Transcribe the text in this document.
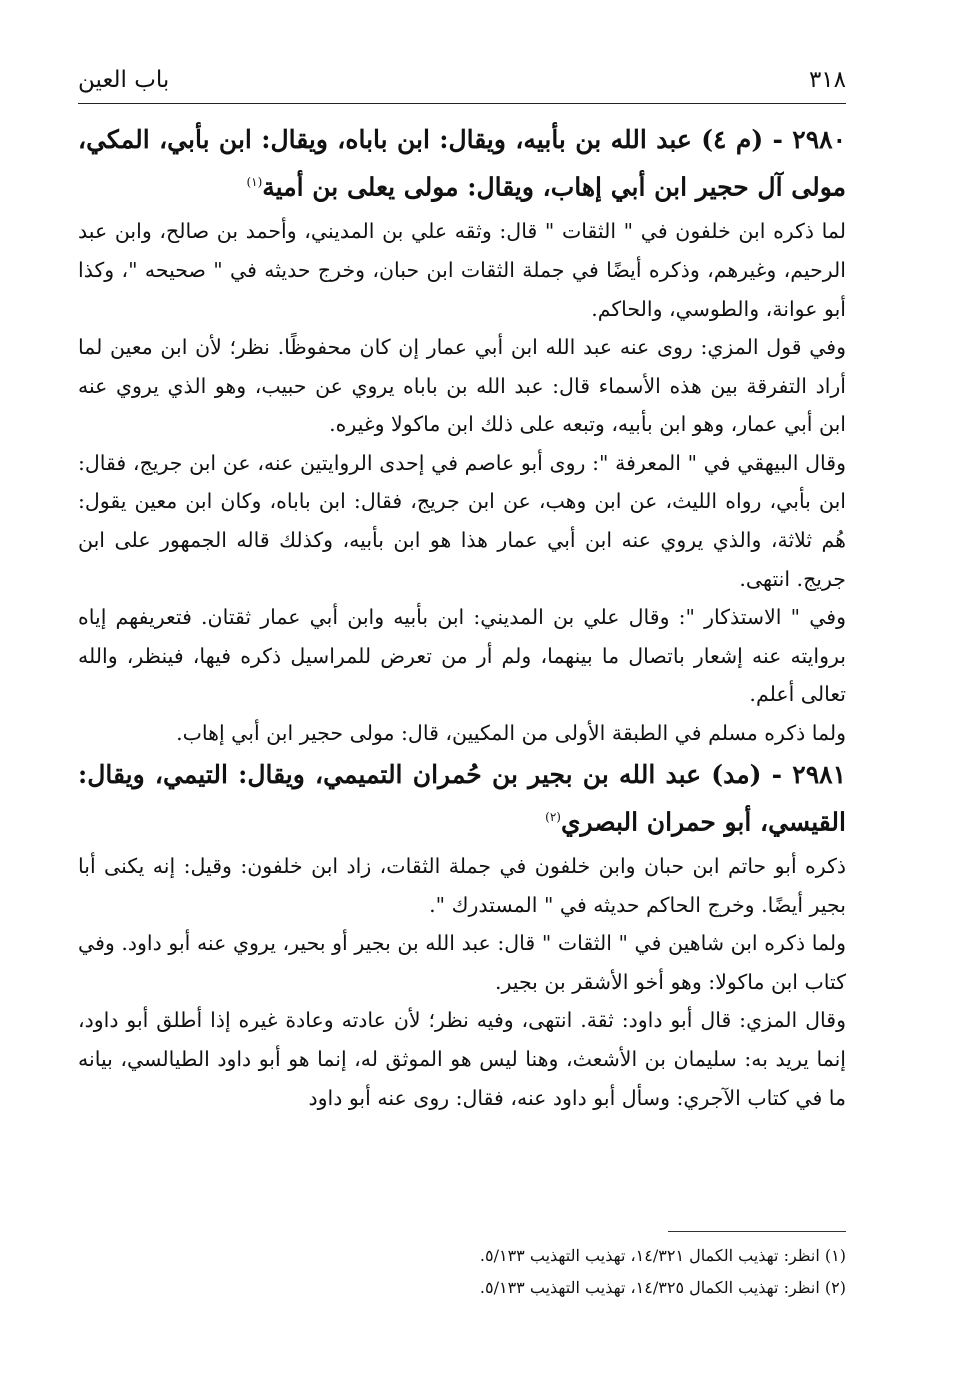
٣١٨
باب العين

٢٩٨٠ - (م ٤) عبد الله بن بأبيه، ويقال: ابن باباه، ويقال: ابن بأبي، المكي، مولى آل حجير ابن أبي إهاب، ويقال: مولى يعلى بن أمية$^{(١)}$

لما ذكره ابن خلفون في " الثقات " قال: وثقه علي بن المديني، وأحمد بن صالح، وابن عبد الرحيم، وغيرهم، وذكره أيضًا في جملة الثقات ابن حبان، وخرج حديثه في " صحيحه "، وكذا أبو عوانة، والطوسي، والحاكم.

وفي قول المزي: روى عنه عبد الله ابن أبي عمار إن كان محفوظًا. نظر؛ لأن ابن معين لما أراد التفرقة بين هذه الأسماء قال: عبد الله بن باباه يروي عن حبيب، وهو الذي يروي عنه ابن أبي عمار، وهو ابن بأبيه، وتبعه على ذلك ابن ماكولا وغيره.

وقال البيهقي في " المعرفة ": روى أبو عاصم في إحدى الروايتين عنه، عن ابن جريج، فقال: ابن بأبي، رواه الليث، عن ابن وهب، عن ابن جريج، فقال: ابن باباه، وكان ابن معين يقول: هُم ثلاثة، والذي يروي عنه ابن أبي عمار هذا هو ابن بأبيه، وكذلك قاله الجمهور على ابن جريج. انتهى.

وفي " الاستذكار ": وقال علي بن المديني: ابن بأبيه وابن أبي عمار ثقتان. فتعريفهم إياه بروايته عنه إشعار باتصال ما بينهما، ولم أر من تعرض للمراسيل ذكره فيها، فينظر، والله تعالى أعلم.

ولما ذكره مسلم في الطبقة الأولى من المكيين، قال: مولى حجير ابن أبي إهاب.

٢٩٨١ - (مد) عبد الله بن بجير بن حُمران التميمي، ويقال: التيمي، ويقال: القيسي، أبو حمران البصري$^{(٢)}$

ذكره أبو حاتم ابن حبان وابن خلفون في جملة الثقات، زاد ابن خلفون: وقيل: إنه يكنى أبا بجير أيضًا. وخرج الحاكم حديثه في " المستدرك ".

ولما ذكره ابن شاهين في " الثقات " قال: عبد الله بن بجير أو بحير، يروي عنه أبو داود. وفي كتاب ابن ماكولا: وهو أخو الأشقر بن بجير.

وقال المزي: قال أبو داود: ثقة. انتهى، وفيه نظر؛ لأن عادته وعادة غيره إذا أطلق أبو داود، إنما يريد به: سليمان بن الأشعث، وهنا ليس هو الموثق له، إنما هو أبو داود الطيالسي، بيانه ما في كتاب الآجري: وسأل أبو داود عنه، فقال: روى عنه أبو داود

(١) انظر: تهذيب الكمال ١٤/٣٢١، تهذيب التهذيب ٥/١٣٣.

(٢) انظر: تهذيب الكمال ١٤/٣٢٥، تهذيب التهذيب ٥/١٣٣.
